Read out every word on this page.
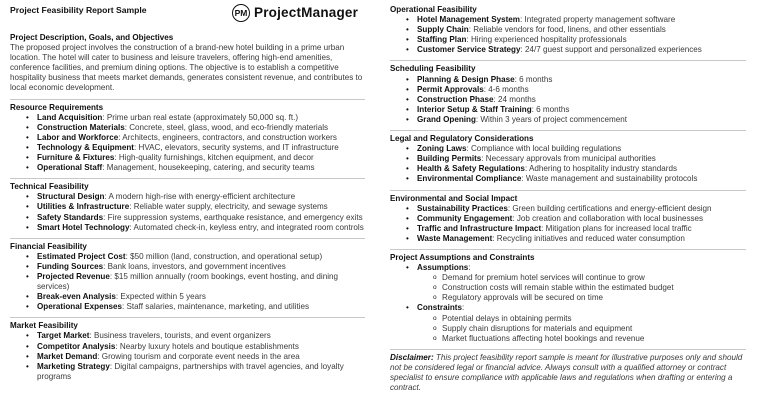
Project Feasibility Report Sample
Project Description, Goals, and Objectives
The proposed project involves the construction of a brand-new hotel building in a prime urban location. The hotel will cater to business and leisure travelers, offering high-end amenities, conference facilities, and premium dining options. The objective is to establish a competitive hospitality business that meets market demands, generates consistent revenue, and contributes to local economic development.
Resource Requirements
• Land Acquisition: Prime urban real estate (approximately 50,000 sq. ft.)
• Construction Materials: Concrete, steel, glass, wood, and eco-friendly materials
• Labor and Workforce: Architects, engineers, contractors, and construction workers
• Technology & Equipment: HVAC, elevators, security systems, and IT infrastructure
• Furniture & Fixtures: High-quality furnishings, kitchen equipment, and decor
• Operational Staff: Management, housekeeping, catering, and security teams
Technical Feasibility
• Structural Design: A modern high-rise with energy-efficient architecture
• Utilities & Infrastructure: Reliable water supply, electricity, and sewage systems
• Safety Standards: Fire suppression systems, earthquake resistance, and emergency exits
• Smart Hotel Technology: Automated check-in, keyless entry, and integrated room controls
Financial Feasibility
• Estimated Project Cost: $50 million (land, construction, and operational setup)
• Funding Sources: Bank loans, investors, and government incentives
• Projected Revenue: $15 million annually (room bookings, event hosting, and dining services)
• Break-even Analysis: Expected within 5 years
• Operational Expenses: Staff salaries, maintenance, marketing, and utilities
Market Feasibility
• Target Market: Business travelers, tourists, and event organizers
• Competitor Analysis: Nearby luxury hotels and boutique establishments
• Market Demand: Growing tourism and corporate event needs in the area
• Marketing Strategy: Digital campaigns, partnerships with travel agencies, and loyalty programs
PM ProjectManager	Operational Feasibility
• Hotel Management System: Integrated property management software
• Supply Chain: Reliable vendors for food, linens, and other essentials
• Staffing Plan: Hiring experienced hospitality professionals
• Customer Service Strategy: 24/7 guest support and personalized experiences
Scheduling Feasibility
• Planning & Design Phase: 6 months
• Permit Approvals: 4-6 months
• Construction Phase: 24 months
• Interior Setup & Staff Training: 6 months
• Grand Opening: Within 3 years of project commencement
Legal and Regulatory Considerations
• Zoning Laws: Compliance with local building regulations
• Building Permits: Necessary approvals from municipal authorities
• Health & Safety Regulations: Adhering to hospitality industry standards
• Environmental Compliance: Waste management and sustainability protocols
Environmental and Social Impact
• Sustainability Practices: Green building certifications and energy-efficient design
• Community Engagement: Job creation and collaboration with local businesses
• Traffic and Infrastructure Impact: Mitigation plans for increased local traffic
• Waste Management: Recycling initiatives and reduced water consumption
Project Assumptions and Constraints
• Assumptions:
o Demand for premium hotel services will continue to grow
o Construction costs will remain stable within the estimated budget
o Regulatory approvals will be secured on time
• Constraints:
o Potential delays in obtaining permits
o Supply chain disruptions for materials and equipment
o Market fluctuations affecting hotel bookings and revenue
Disclaimer: This project feasibility report sample is meant for illustrative purposes only and should not be considered legal or financial advice. Always consult with a qualified attorney or contract specialist to ensure compliance with applicable laws and regulations when drafting or entering a contract.
